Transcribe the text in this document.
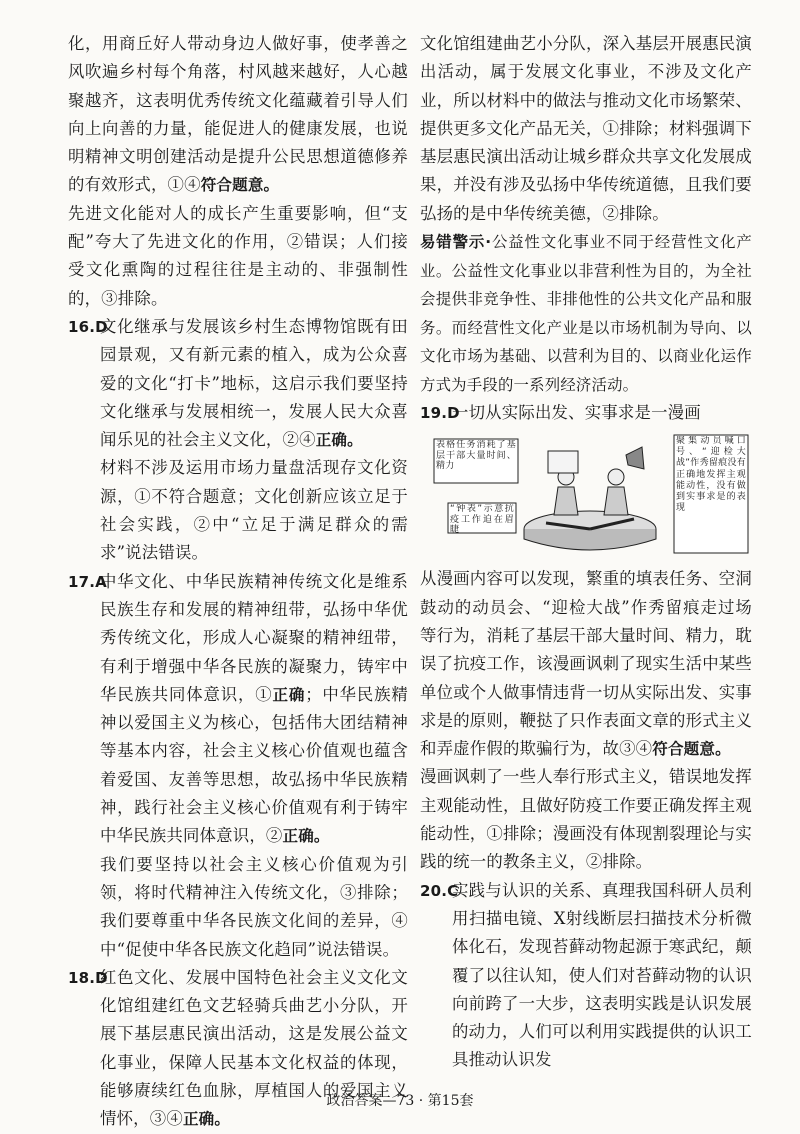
化，用商丘好人带动身边人做好事，使孝善之风吹遍乡村每个角落，村风越来越好，人心越聚越齐，这表明优秀传统文化蕴藏着引导人们向上向善的力量，能促进人的健康发展，也说明精神文明创建活动是提升公民思想道德修养的有效形式，①④符合题意。

先进文化能对人的成长产生重要影响，但“支配”夸大了先进文化的作用，②错误；人们接受文化熏陶的过程往往是主动的、非强制性的，③排除。

16.D

文化继承与发展该乡村生态博物馆既有田园景观，又有新元素的植入，成为公众喜爱的文化“打卡”地标，这启示我们要坚持文化继承与发展相统一，发展人民大众喜闻乐见的社会主义文化，②④正确。

材料不涉及运用市场力量盘活现存文化资源，①不符合题意；文化创新应该立足于社会实践，②中“立足于满足群众的需求”说法错误。

17.A

中华文化、中华民族精神传统文化是维系民族生存和发展的精神纽带，弘扬中华优秀传统文化，形成人心凝聚的精神纽带，有利于增强中华各民族的凝聚力，铸牢中华民族共同体意识，①正确；中华民族精神以爱国主义为核心，包括伟大团结精神等基本内容，社会主义核心价值观也蕴含着爱国、友善等思想，故弘扬中华民族精神，践行社会主义核心价值观有利于铸牢中华民族共同体意识，②正确。

我们要坚持以社会主义核心价值观为引领，将时代精神注入传统文化，③排除；我们要尊重中华各民族文化间的差异，④中“促使中华各民族文化趋同”说法错误。

18.D

红色文化、发展中国特色社会主义文化文化馆组建红色文艺轻骑兵曲艺小分队，开展下基层惠民演出活动，这是发展公益文化事业，保障人民基本文化权益的体现，能够赓续红色血脉，厚植国人的爱国主义情怀，③④正确。

文化馆组建曲艺小分队，深入基层开展惠民演出活动，属于发展文化事业，不涉及文化产业，所以材料中的做法与推动文化市场繁荣、提供更多文化产品无关，①排除；材料强调下基层惠民演出活动让城乡群众共享文化发展成果，并没有涉及弘扬中华传统道德，且我们要弘扬的是中华传统美德，②排除。

易错警示·公益性文化事业不同于经营性文化产业。公益性文化事业以非营利性为目的，为全社会提供非竞争性、非排他性的公共文化产品和服务。而经营性文化产业是以市场机制为导向、以文化市场为基础、以营利为目的、以商业化运作方式为手段的一系列经济活动。

19.D
一切从实际出发、实事求是一漫画

表格任务消耗了基层干部大量时间、精力
“钟表”示意抗疫工作迫在眉睫
聚集动员喊口号、“迎检大战”作秀留痕没有正确地发挥主观能动性，没有做到实事求是的表现

从漫画内容可以发现，繁重的填表任务、空洞鼓动的动员会、“迎检大战”作秀留痕走过场等行为，消耗了基层干部大量时间、精力，耽误了抗疫工作，该漫画讽刺了现实生活中某些单位或个人做事情违背一切从实际出发、实事求是的原则，鞭挞了只作表面文章的形式主义和弄虚作假的欺骗行为，故③④符合题意。

漫画讽刺了一些人奉行形式主义，错误地发挥主观能动性，且做好防疫工作要正确发挥主观能动性，①排除；漫画没有体现割裂理论与实践的统一的教条主义，②排除。

20.C

实践与认识的关系、真理我国科研人员利用扫描电镜、X射线断层扫描技术分析微体化石，发现苔藓动物起源于寒武纪，颠覆了以往认知，使人们对苔藓动物的认识向前跨了一大步，这表明实践是认识发展的动力，人们可以利用实践提供的认识工具推动认识发

政治答案—73 · 第15套
